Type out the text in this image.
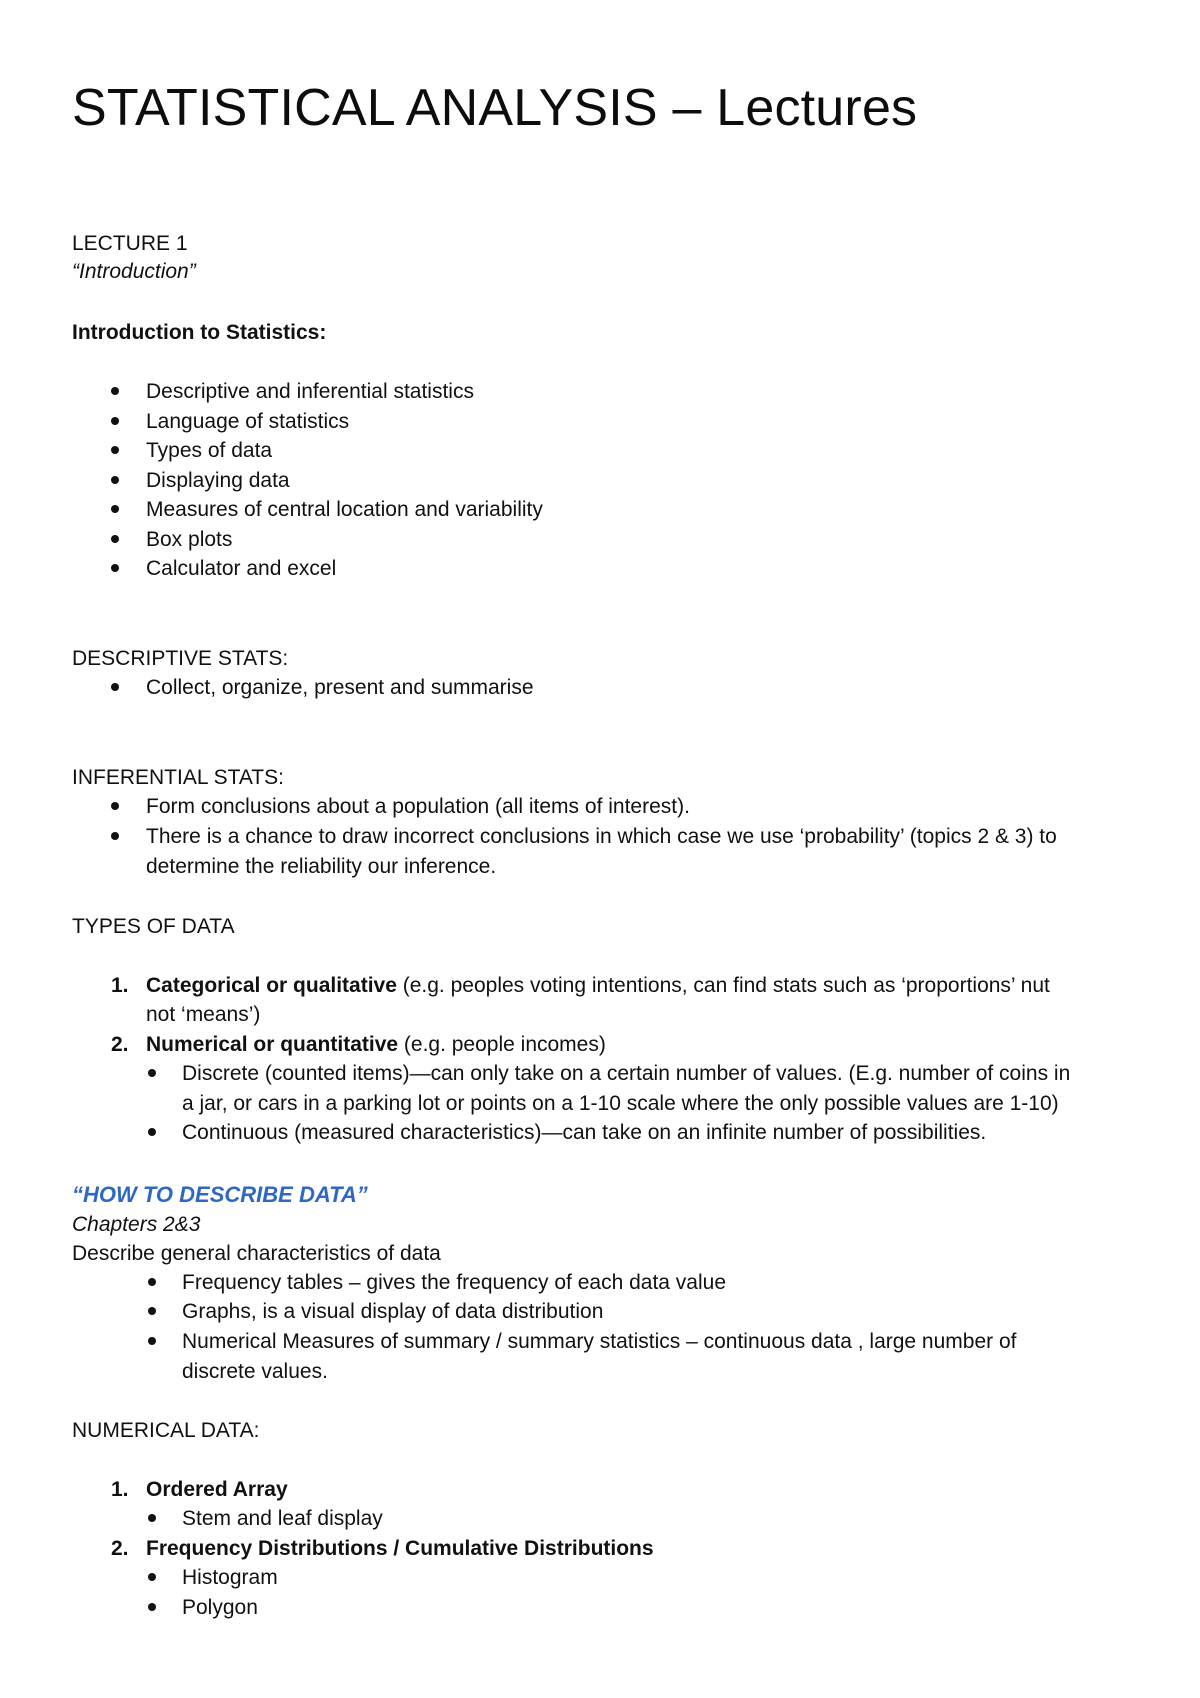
STATISTICAL ANALYSIS – Lectures
LECTURE 1
“Introduction”
Introduction to Statistics:
Descriptive and inferential statistics
Language of statistics
Types of data
Displaying data
Measures of central location and variability
Box plots
Calculator and excel
DESCRIPTIVE STATS:
Collect, organize, present and summarise
INFERENTIAL STATS:
Form conclusions about a population (all items of interest).
There is a chance to draw incorrect conclusions in which case we use ‘probability’ (topics 2 & 3) to
determine the reliability our inference.
TYPES OF DATA
1. Categorical or qualitative (e.g. peoples voting intentions, can find stats such as ‘proportions’ nut
not ‘means’)
2. Numerical or quantitative (e.g. people incomes)
Discrete (counted items)—can only take on a certain number of values. (E.g. number of coins in
a jar, or cars in a parking lot or points on a 1-10 scale where the only possible values are 1-10)
Continuous (measured characteristics)—can take on an infinite number of possibilities.
“HOW TO DESCRIBE DATA”
Chapters 2&3
Describe general characteristics of data
Frequency tables – gives the frequency of each data value
Graphs, is a visual display of data distribution
Numerical Measures of summary / summary statistics – continuous data , large number of
discrete values.
NUMERICAL DATA:
1. Ordered Array
Stem and leaf display
2. Frequency Distributions / Cumulative Distributions
Histogram
Polygon
